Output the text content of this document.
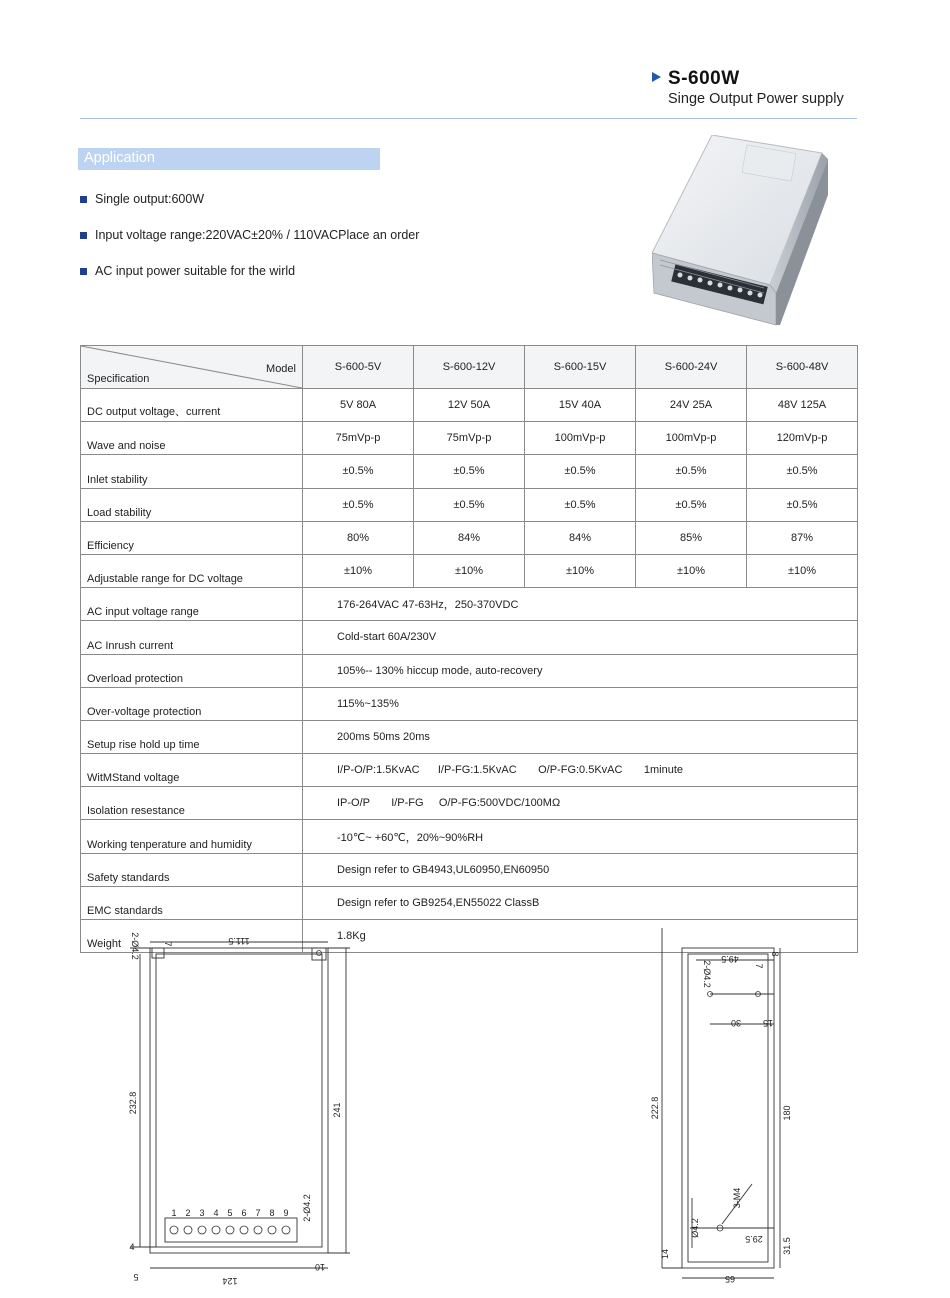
S-600W
Singe Output Power supply
Application
Single output:600W
Input voltage range:220VAC±20% / 110VACPlace an order
AC input power suitable for the wirld
Model
Specification	S-600-5V	S-600-12V	S-600-15V	S-600-24V	S-600-48V
DC output voltage、current	5V 80A	12V 50A	15V 40A	24V 25A	48V 125A
Wave and noise	75mVp-p	75mVp-p	100mVp-p	100mVp-p	120mVp-p
Inlet stability	±0.5%	±0.5%	±0.5%	±0.5%	±0.5%
Load stability	±0.5%	±0.5%	±0.5%	±0.5%	±0.5%
Efficiency	80%	84%	84%	85%	87%
Adjustable range for DC voltage	±10%	±10%	±10%	±10%	±10%
AC input voltage range	176-264VAC 47-63Hz，250-370VDC				
AC Inrush current	Cold-start 60A/230V				
Overload protection	105%-- 130% hiccup mode, auto-recovery				
Over-voltage protection	115%~135%				
Setup rise hold up time	200ms 50ms 20ms				
WitMStand voltage	I/P-O/P:1.5KvAC      I/P-FG:1.5KvAC       O/P-FG:0.5KvAC       1minute				
Isolation resestance	IP-O/P       I/P-FG     O/P-FG:500VDC/100MΩ				
Working tenperature and humidity	-10℃~ +60℃，20%~90%RH				
Safety standards	Design refer to GB4943,UL60950,EN60950				
EMC standards	Design refer to GB9254,EN55022 ClassB				
Weight	1.8Kg				
111.5
232.8	241
124
2-Ø4.2
2-Ø4.2	7
4
5
10
1 2 3 4 5 6 7 8 9
49.5	8
7
2-Ø4.2
30 15
222.8	180
3-M4
Ø4.2
29.5 31.5
14
65
